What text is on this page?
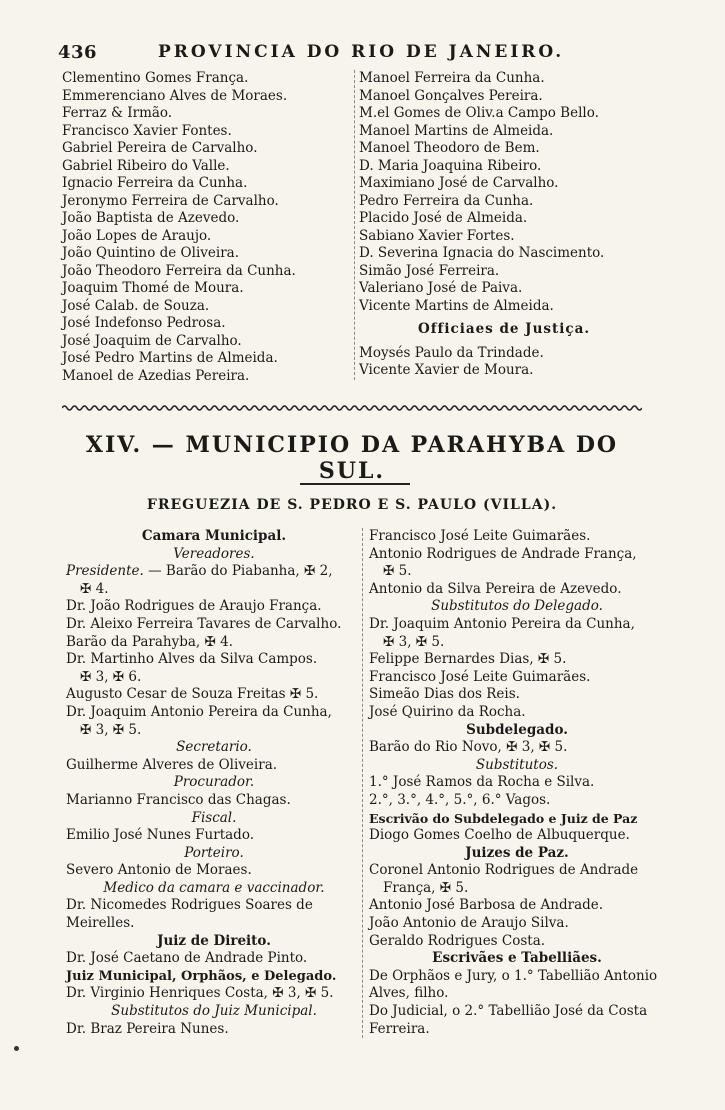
436	PROVINCIA DO RIO DE JANEIRO.
Clementino Gomes França.
Emmerenciano Alves de Moraes.
Ferraz & Irmão.
Francisco Xavier Fontes.
Gabriel Pereira de Carvalho.
Gabriel Ribeiro do Valle.
Ignacio Ferreira da Cunha.
Jeronymo Ferreira de Carvalho.
João Baptista de Azevedo.
João Lopes de Araujo.
João Quintino de Oliveira.
João Theodoro Ferreira da Cunha.
Joaquim Thomé de Moura.
José Calab. de Souza.
José Indefonso Pedrosa.
José Joaquim de Carvalho.
José Pedro Martins de Almeida.
Manoel de Azedias Pereira.
Manoel Ferreira da Cunha.
Manoel Gonçalves Pereira.
M.el Gomes de Oliv.a Campo Bello.
Manoel Martins de Almeida.
Manoel Theodoro de Bem.
D. Maria Joaquina Ribeiro.
Maximiano José de Carvalho.
Pedro Ferreira da Cunha.
Placido José de Almeida.
Sabiano Xavier Fortes.
D. Severina Ignacia do Nascimento.
Simão José Ferreira.
Valeriano José de Paiva.
Vicente Martins de Almeida.
Officiaes de Justiça.
Moysés Paulo da Trindade.
Vicente Xavier de Moura.
XIV. — MUNICIPIO DA PARAHYBA DO SUL.
FREGUEZIA DE S. PEDRO E S. PAULO (VILLA).
Camara Municipal.
Vereadores.
Presidente. — Barão do Piabanha, ✠ 2,
✠ 4.
Dr. João Rodrigues de Araujo França.
Dr. Aleixo Ferreira Tavares de Carvalho.
Barão da Parahyba, ✠ 4.
Dr. Martinho Alves da Silva Campos.
✠ 3, ✠ 6.
Augusto Cesar de Souza Freitas ✠ 5.
Dr. Joaquim Antonio Pereira da Cunha,
✠ 3, ✠ 5.
Secretario.
Guilherme Alveres de Oliveira.
Procurador.
Marianno Francisco das Chagas.
Fiscal.
Emilio José Nunes Furtado.
Porteiro.
Severo Antonio de Moraes.
Medico da camara e vaccinador.
Dr. Nicomedes Rodrigues Soares de Meirelles.
Juiz de Direito.
Dr. José Caetano de Andrade Pinto.
Juiz Municipal, Orphãos, e Delegado.
Dr. Virginio Henriques Costa, ✠ 3, ✠ 5.
Substitutos do Juiz Municipal.
Dr. Braz Pereira Nunes.
Francisco José Leite Guimarães.
Antonio Rodrigues de Andrade França,
✠ 5.
Antonio da Silva Pereira de Azevedo.
Substitutos do Delegado.
Dr. Joaquim Antonio Pereira da Cunha,
✠ 3, ✠ 5.
Felippe Bernardes Dias, ✠ 5.
Francisco José Leite Guimarães.
Simeão Dias dos Reis.
José Quirino da Rocha.
Subdelegado.
Barão do Rio Novo, ✠ 3, ✠ 5.
Substitutos.
1.° José Ramos da Rocha e Silva.
2.°, 3.°, 4.°, 5.°, 6.° Vagos.
Escrivão do Subdelegado e Juiz de Paz
Diogo Gomes Coelho de Albuquerque.
Juizes de Paz.
Coronel Antonio Rodrigues de Andrade
França, ✠ 5.
Antonio José Barbosa de Andrade.
João Antonio de Araujo Silva.
Geraldo Rodrigues Costa.
Escrivães e Tabelliães.
De Orphãos e Jury, o 1.° Tabellião Antonio Alves, filho.
Do Judicial, o 2.° Tabellião José da Costa Ferreira.
